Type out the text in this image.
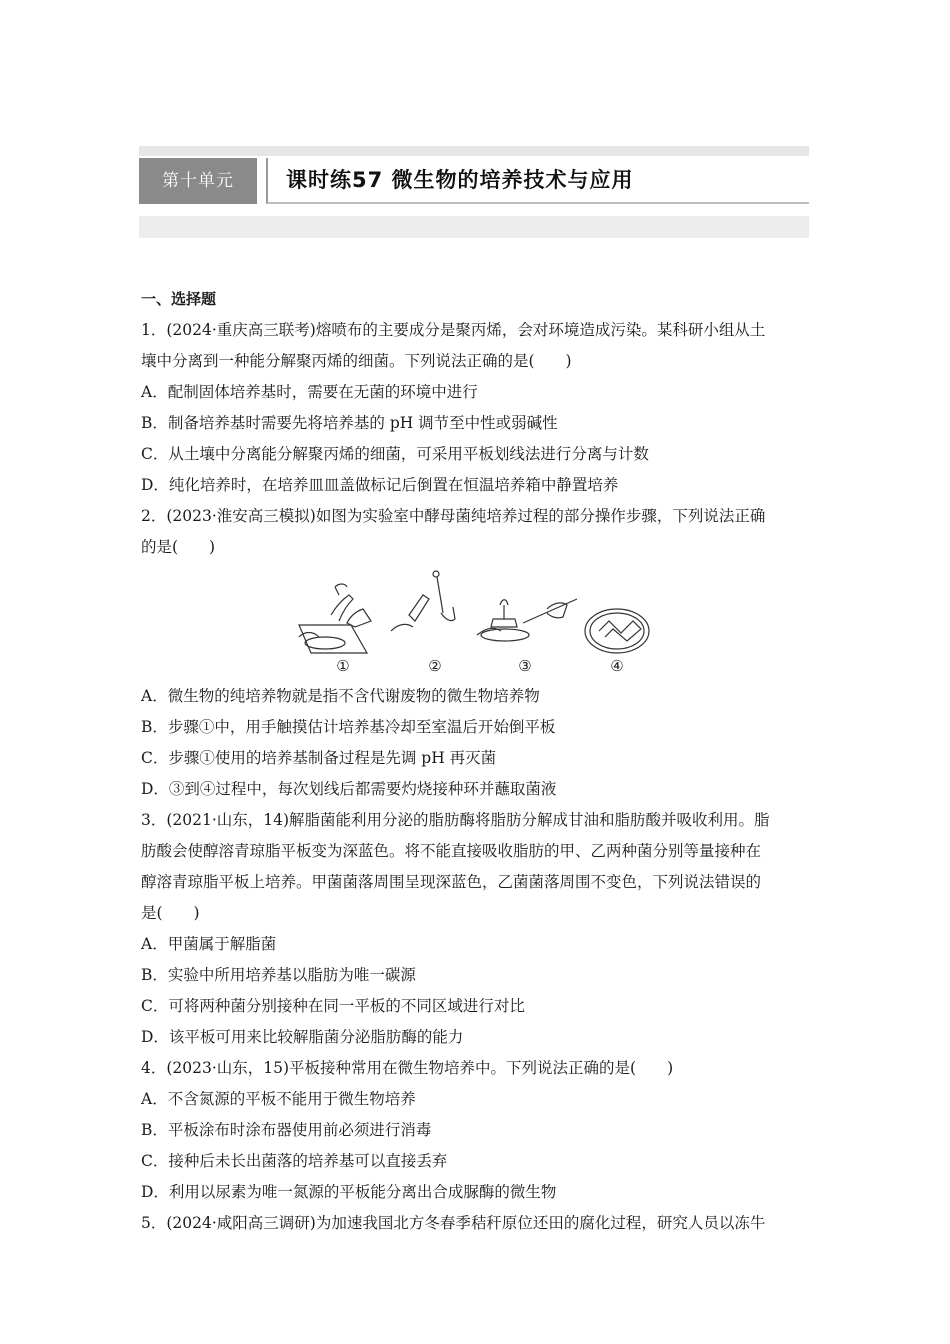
第十单元	课时练57 微生物的培养技术与应用
一、选择题
1．(2024·重庆高三联考)熔喷布的主要成分是聚丙烯，会对环境造成污染。某科研小组从土
壤中分离到一种能分解聚丙烯的细菌。下列说法正确的是(　　)
A．配制固体培养基时，需要在无菌的环境中进行
B．制备培养基时需要先将培养基的 pH 调节至中性或弱碱性
C．从土壤中分离能分解聚丙烯的细菌，可采用平板划线法进行分离与计数
D．纯化培养时，在培养皿皿盖做标记后倒置在恒温培养箱中静置培养
2．(2023·淮安高三模拟)如图为实验室中酵母菌纯培养过程的部分操作步骤，下列说法正确
的是(　　)
①	②	③	④
A．微生物的纯培养物就是指不含代谢废物的微生物培养物
B．步骤①中，用手触摸估计培养基冷却至室温后开始倒平板
C．步骤①使用的培养基制备过程是先调 pH 再灭菌
D．③到④过程中，每次划线后都需要灼烧接种环并蘸取菌液
3．(2021·山东，14)解脂菌能利用分泌的脂肪酶将脂肪分解成甘油和脂肪酸并吸收利用。脂
肪酸会使醇溶青琼脂平板变为深蓝色。将不能直接吸收脂肪的甲、乙两种菌分别等量接种在
醇溶青琼脂平板上培养。甲菌菌落周围呈现深蓝色，乙菌菌落周围不变色，下列说法错误的
是(　　)
A．甲菌属于解脂菌
B．实验中所用培养基以脂肪为唯一碳源
C．可将两种菌分别接种在同一平板的不同区域进行对比
D．该平板可用来比较解脂菌分泌脂肪酶的能力
4．(2023·山东，15)平板接种常用在微生物培养中。下列说法正确的是(　　)
A．不含氮源的平板不能用于微生物培养
B．平板涂布时涂布器使用前必须进行消毒
C．接种后未长出菌落的培养基可以直接丢弃
D．利用以尿素为唯一氮源的平板能分离出合成脲酶的微生物
5．(2024·咸阳高三调研)为加速我国北方冬春季秸秆原位还田的腐化过程，研究人员以冻牛
